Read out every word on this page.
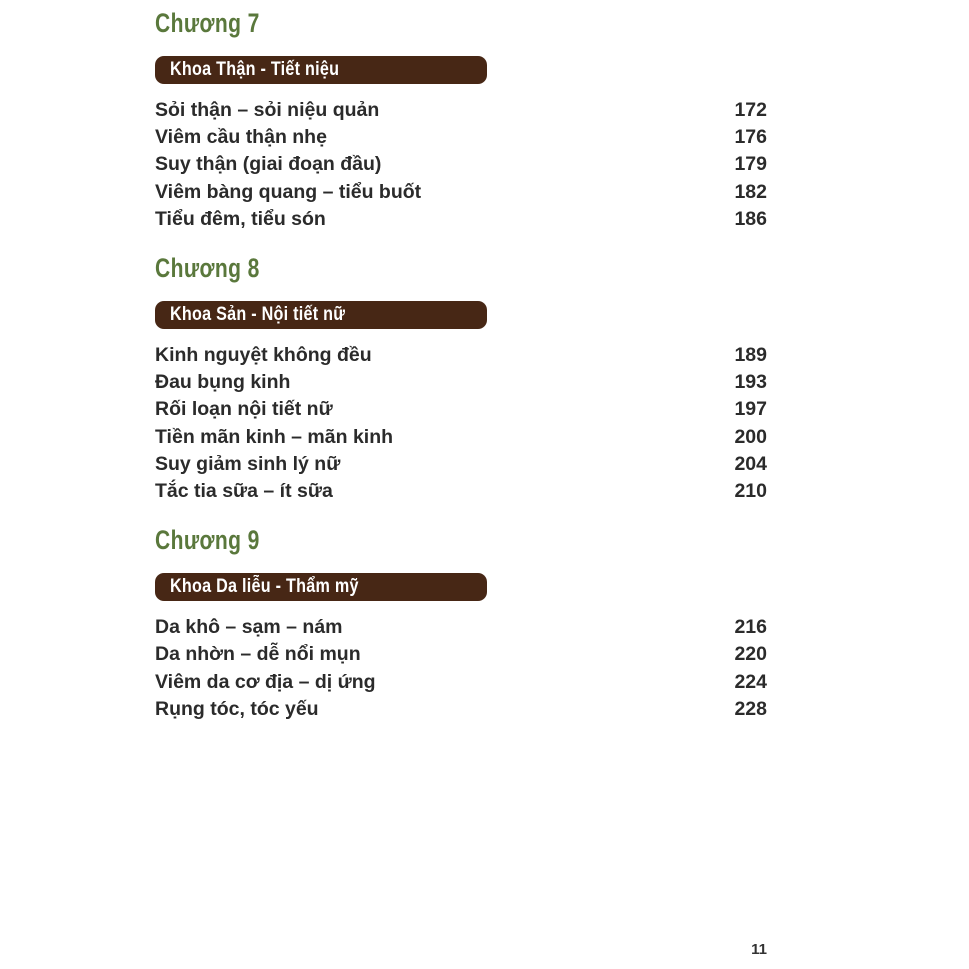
Chương 7
Khoa Thận - Tiết niệu
Sỏi thận – sỏi niệu quản	172
Viêm cầu thận nhẹ	176
Suy thận (giai đoạn đầu)	179
Viêm bàng quang – tiểu buốt	182
Tiểu đêm, tiểu són	186
Chương 8
Khoa Sản - Nội tiết nữ
Kinh nguyệt không đều	189
Đau bụng kinh	193
Rối loạn nội tiết nữ	197
Tiền mãn kinh – mãn kinh	200
Suy giảm sinh lý nữ	204
Tắc tia sữa – ít sữa	210
Chương 9
Khoa Da liễu - Thẩm mỹ
Da khô – sạm – nám	216
Da nhờn – dễ nổi mụn	220
Viêm da cơ địa – dị ứng	224
Rụng tóc, tóc yếu	228
11
